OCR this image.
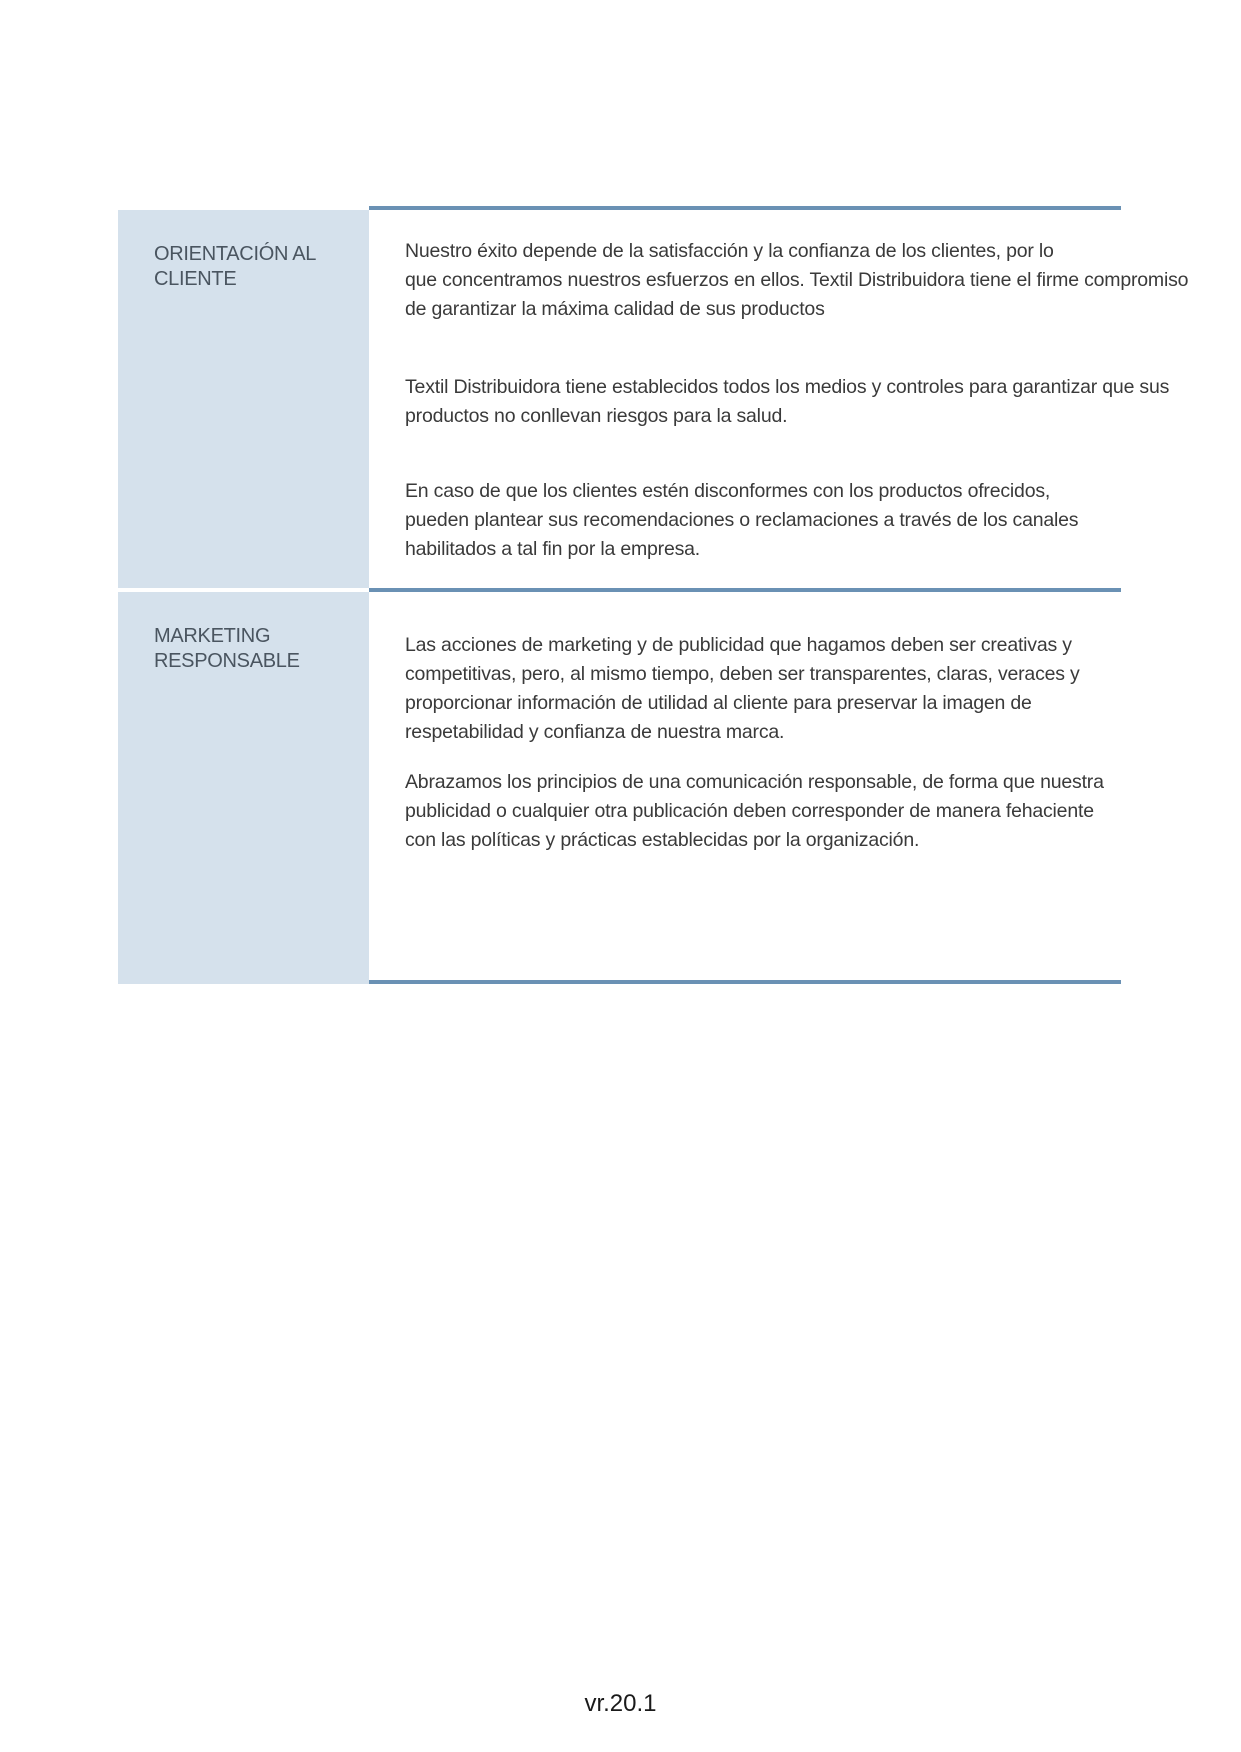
ORIENTACIÓN AL
CLIENTE

Nuestro éxito depende de la satisfacción y la confianza de los clientes, por lo
que concentramos nuestros esfuerzos en ellos. Textil Distribuidora tiene el firme compromiso
de garantizar la máxima calidad de sus productos

Textil Distribuidora tiene establecidos todos los medios y controles para garantizar que sus
productos no conllevan riesgos para la salud.

En caso de que los clientes estén disconformes con los productos ofrecidos,
pueden plantear sus recomendaciones o reclamaciones a través de los canales
habilitados a tal fin por la empresa.

MARKETING
RESPONSABLE

Las acciones de marketing y de publicidad que hagamos deben ser creativas y
competitivas, pero, al mismo tiempo, deben ser transparentes, claras, veraces y
proporcionar información de utilidad al cliente para preservar la imagen de
respetabilidad y confianza de nuestra marca.

Abrazamos los principios de una comunicación responsable, de forma que nuestra
publicidad o cualquier otra publicación deben corresponder de manera fehaciente
con las políticas y prácticas establecidas por la organización.

vr.20.1
